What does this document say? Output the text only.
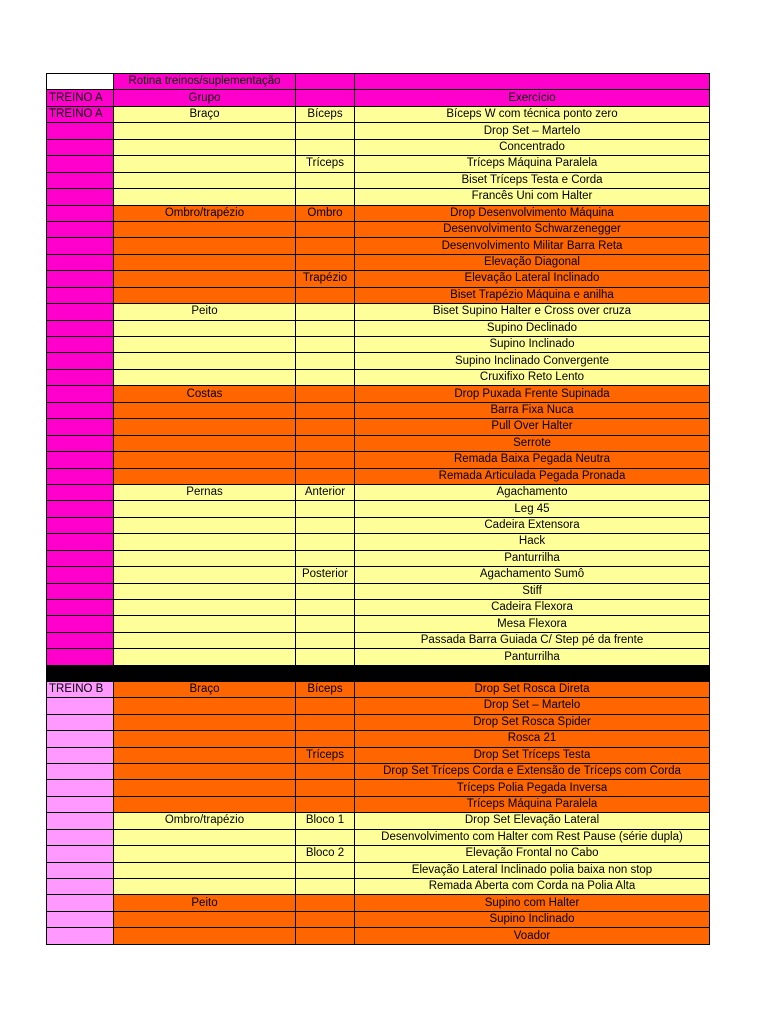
	Rotina treinos/suplementação		
TREINO A	Grupo		Exercício
TREINO A	Braço	Bíceps	Bíceps W com técnica ponto zero
			Drop Set – Martelo
			Concentrado
		Tríceps	Tríceps Máquina Paralela
			Biset Tríceps Testa e Corda
			Francês Uni com Halter
	Ombro/trapézio	Ombro	Drop Desenvolvimento Máquina
			Desenvolvimento Schwarzenegger
			Desenvolvimento Militar Barra Reta
			Elevação Diagonal
		Trapézio	Elevação Lateral Inclinado
			Biset Trapézio Máquina e anilha
	Peito		Biset Supino Halter e Cross over cruza
			Supino Declinado
			Supino Inclinado
			Supino Inclinado Convergente
			Cruxifixo Reto Lento
	Costas		Drop Puxada Frente Supinada
			Barra Fixa Nuca
			Pull Over Halter
			Serrote
			Remada Baixa Pegada Neutra
			Remada Articulada Pegada Pronada
	Pernas	Anterior	Agachamento
			Leg 45
			Cadeira Extensora
			Hack
			Panturrilha
		Posterior	Agachamento Sumô
			Stiff
			Cadeira Flexora
			Mesa Flexora
			Passada Barra Guiada C/ Step pé da frente
			Panturrilha

TREINO B	Braço	Bíceps	Drop Set Rosca Direta
			Drop Set – Martelo
			Drop Set Rosca Spider
			Rosca 21
		Tríceps	Drop Set Tríceps Testa
			Drop Set Tríceps Corda e Extensão de Tríceps com Corda
			Tríceps Polia Pegada Inversa
			Tríceps Máquina Paralela
	Ombro/trapézio	Bloco 1	Drop Set Elevação Lateral
			Desenvolvimento com Halter com Rest Pause (série dupla)
		Bloco 2	Elevação Frontal no Cabo
			Elevação Lateral Inclinado polia baixa non stop
			Remada Aberta com Corda na Polia Alta
	Peito		Supino com Halter
			Supino Inclinado
			Voador
